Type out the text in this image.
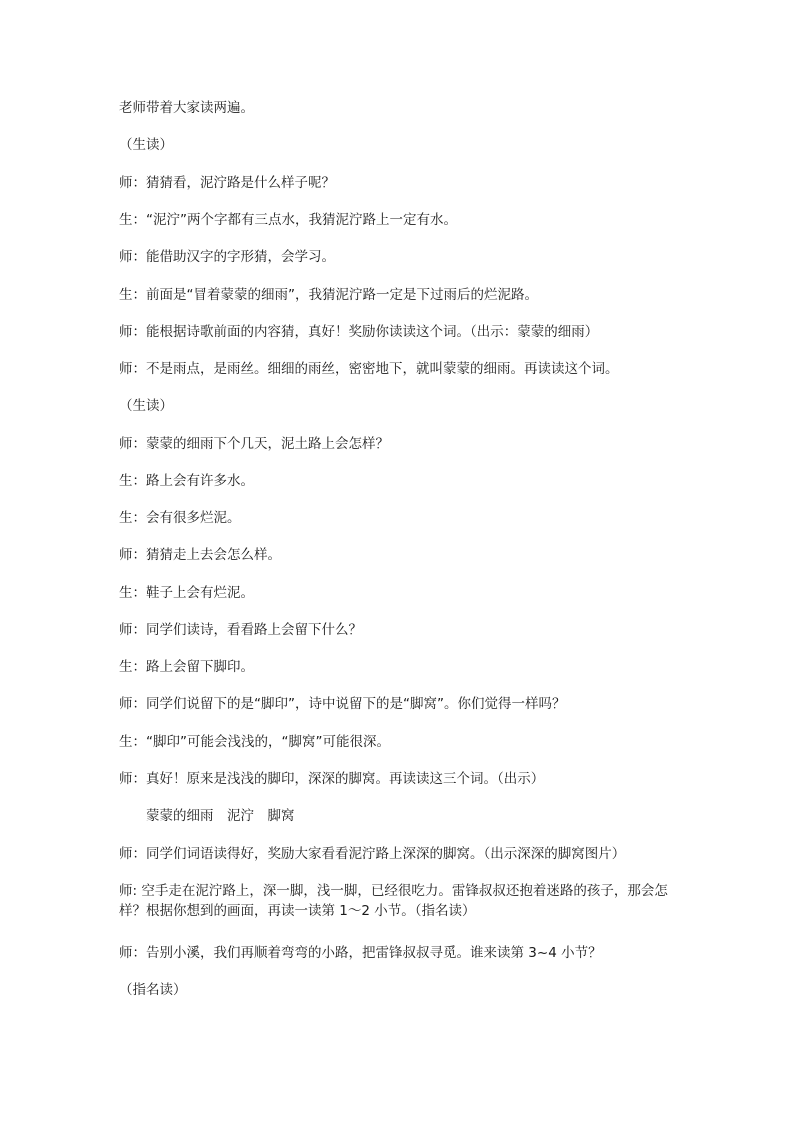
老师带着大家读两遍。
（生读）
师：猜猜看，泥泞路是什么样子呢？
生：“泥泞”两个字都有三点水，我猜泥泞路上一定有水。
师：能借助汉字的字形猜，会学习。
生：前面是“冒着蒙蒙的细雨”，我猜泥泞路一定是下过雨后的烂泥路。
师：能根据诗歌前面的内容猜，真好！奖励你读读这个词。（出示：蒙蒙的细雨）
师：不是雨点，是雨丝。细细的雨丝，密密地下，就叫蒙蒙的细雨。再读读这个词。
（生读）
师：蒙蒙的细雨下个几天，泥土路上会怎样？
生：路上会有许多水。
生：会有很多烂泥。
师：猜猜走上去会怎么样。
生：鞋子上会有烂泥。
师：同学们读诗，看看路上会留下什么？
生：路上会留下脚印。
师：同学们说留下的是“脚印”，诗中说留下的是“脚窝”。你们觉得一样吗？
生：“脚印”可能会浅浅的，“脚窝”可能很深。
师：真好！原来是浅浅的脚印，深深的脚窝。再读读这三个词。（出示）
蒙蒙的细雨　泥泞　脚窝
师：同学们词语读得好，奖励大家看看泥泞路上深深的脚窝。（出示深深的脚窝图片）
师: 空手走在泥泞路上，深一脚，浅一脚，已经很吃力。雷锋叔叔还抱着迷路的孩子，那会怎样？根据你想到的画面，再读一读第 1～2 小节。（指名读）
师：告别小溪，我们再顺着弯弯的小路，把雷锋叔叔寻觅。谁来读第 3~4 小节？
（指名读）
